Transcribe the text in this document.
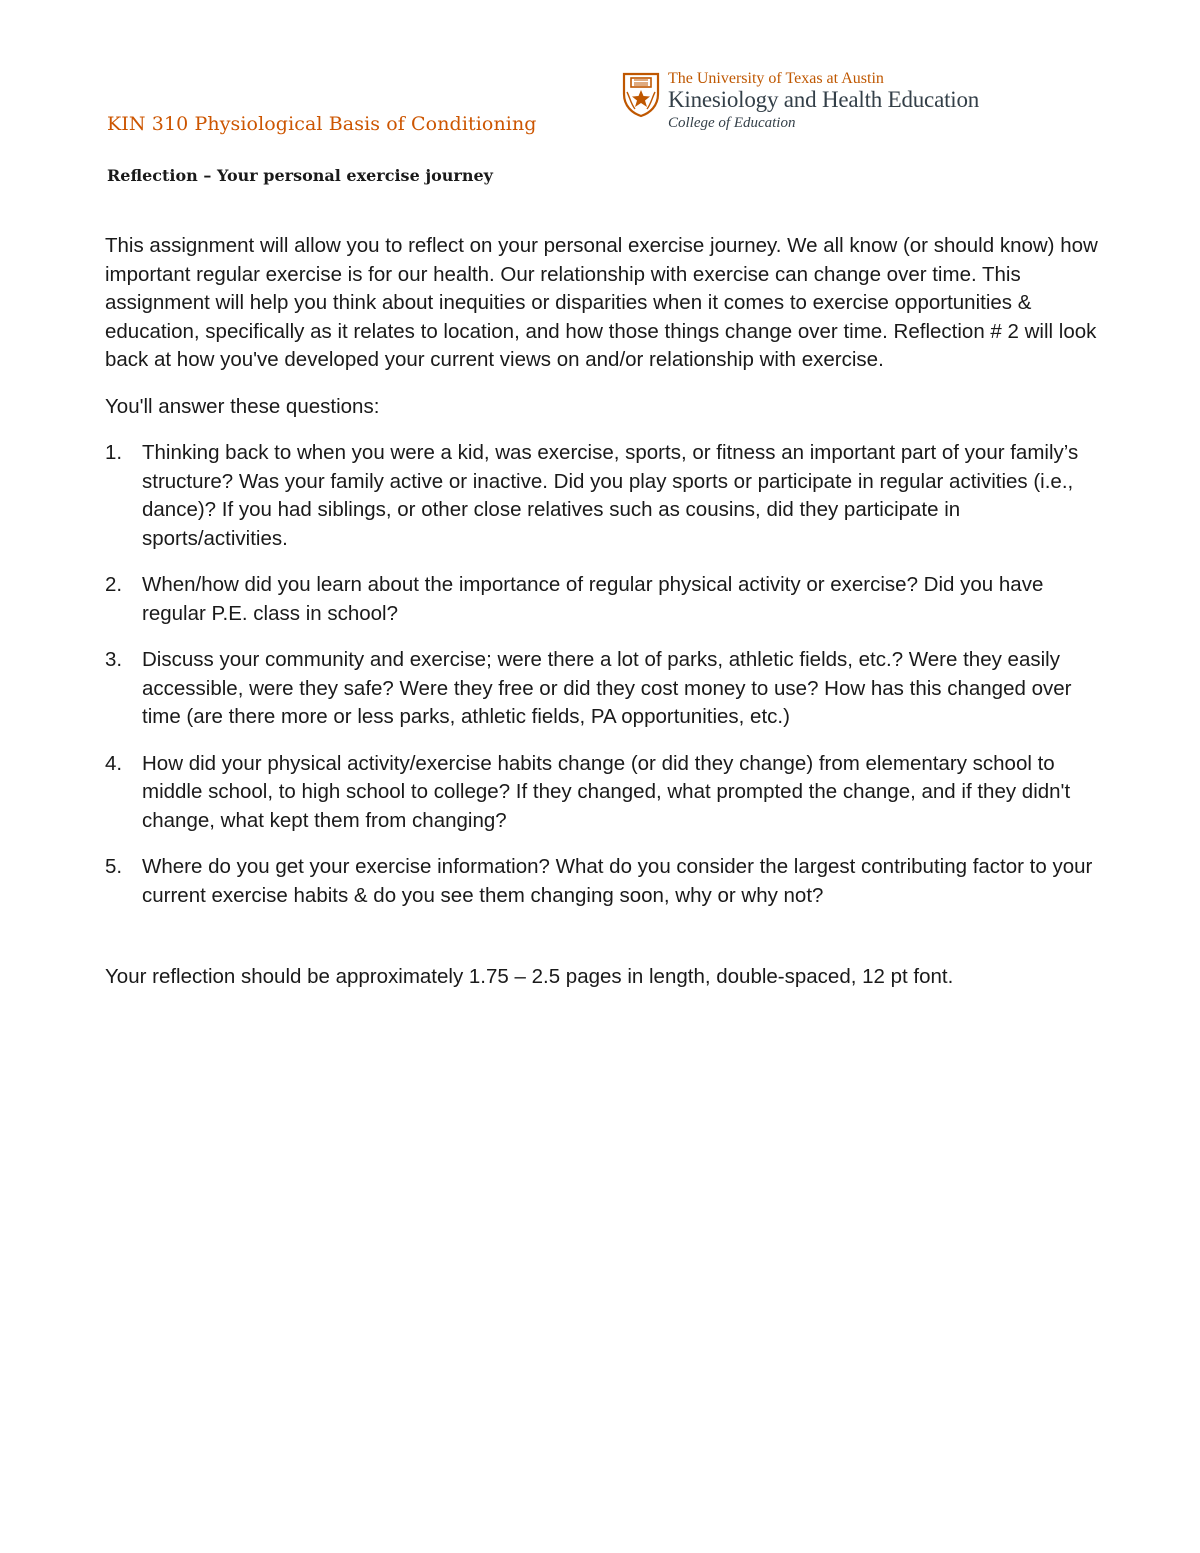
KIN 310 Physiological Basis of Conditioning
The University of Texas at Austin
Kinesiology and Health Education
College of Education
Reflection – Your personal exercise journey

This assignment will allow you to reflect on your personal exercise journey. We all know (or should know) how important regular exercise is for our health. Our relationship with exercise can change over time. This assignment will help you think about inequities or disparities when it comes to exercise opportunities & education, specifically as it relates to location, and how those things change over time. Reflection # 2 will look back at how you've developed your current views on and/or relationship with exercise.

You'll answer these questions:

1. Thinking back to when you were a kid, was exercise, sports, or fitness an important part of your family’s structure? Was your family active or inactive. Did you play sports or participate in regular activities (i.e., dance)? If you had siblings, or other close relatives such as cousins, did they participate in sports/activities.
2. When/how did you learn about the importance of regular physical activity or exercise? Did you have regular P.E. class in school?
3. Discuss your community and exercise; were there a lot of parks, athletic fields, etc.? Were they easily accessible, were they safe? Were they free or did they cost money to use? How has this changed over time (are there more or less parks, athletic fields, PA opportunities, etc.)
4. How did your physical activity/exercise habits change (or did they change) from elementary school to middle school, to high school to college? If they changed, what prompted the change, and if they didn't change, what kept them from changing?
5. Where do you get your exercise information? What do you consider the largest contributing factor to your current exercise habits & do you see them changing soon, why or why not?

Your reflection should be approximately 1.75 – 2.5 pages in length, double-spaced, 12 pt font.
